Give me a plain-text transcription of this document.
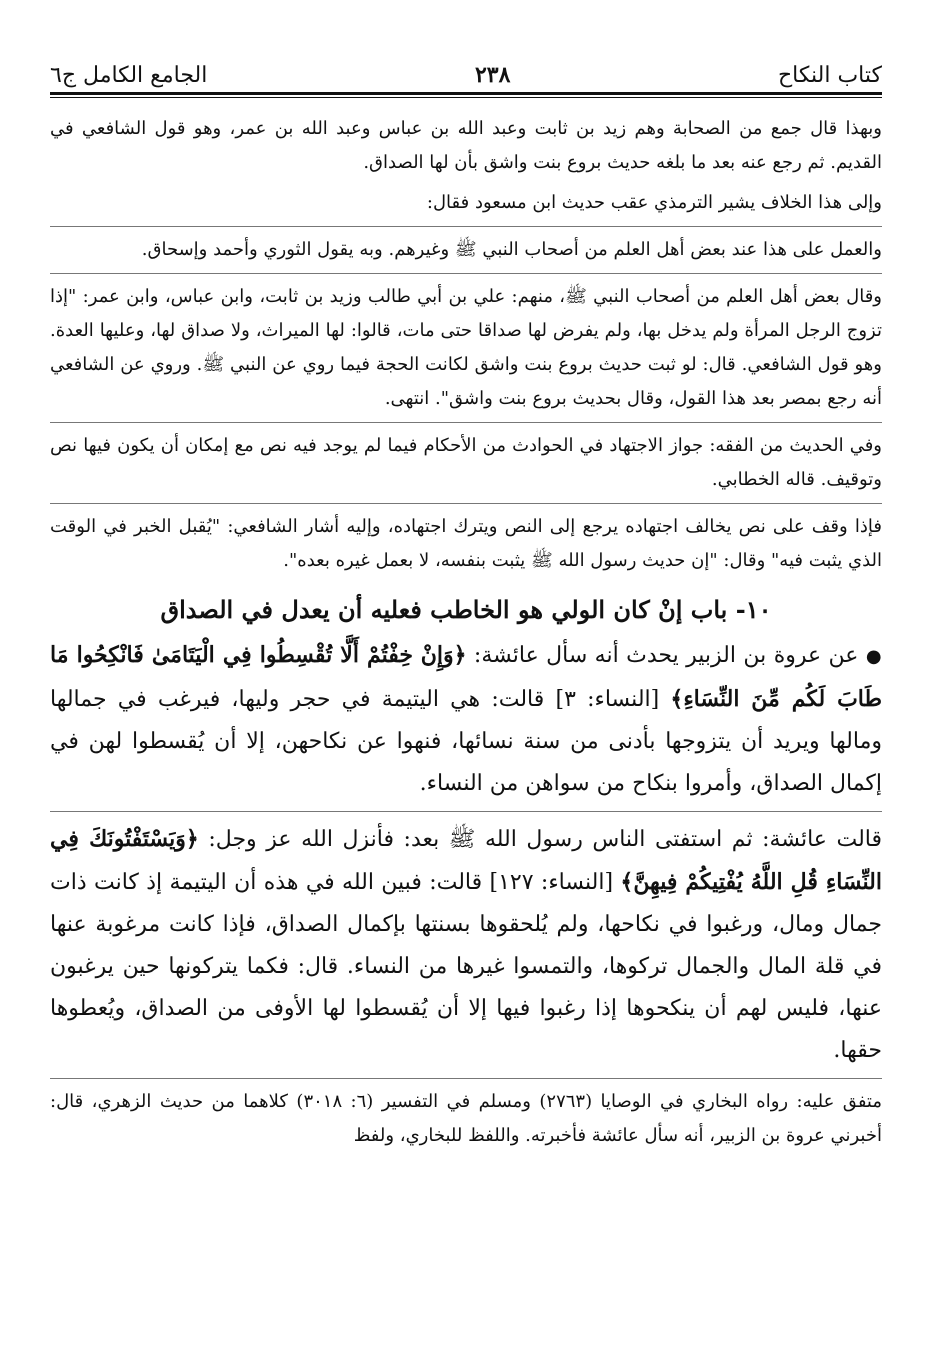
كتاب النكاح
٢٣٨
الجامع الكامل ج٦

وبهذا قال جمع من الصحابة وهم زيد بن ثابت وعبد الله بن عباس وعبد الله بن عمر، وهو قول الشافعي في القديم. ثم رجع عنه بعد ما بلغه حديث بروع بنت واشق بأن لها الصداق.

وإلى هذا الخلاف يشير الترمذي عقب حديث ابن مسعود فقال:

والعمل على هذا عند بعض أهل العلم من أصحاب النبي ﷺ وغيرهم. وبه يقول الثوري وأحمد وإسحاق.

وقال بعض أهل العلم من أصحاب النبي ﷺ، منهم: علي بن أبي طالب وزيد بن ثابت، وابن عباس، وابن عمر: "إذا تزوج الرجل المرأة ولم يدخل بها، ولم يفرض لها صداقا حتى مات، قالوا: لها الميراث، ولا صداق لها، وعليها العدة. وهو قول الشافعي. قال: لو ثبت حديث بروع بنت واشق لكانت الحجة فيما روي عن النبي ﷺ. وروي عن الشافعي أنه رجع بمصر بعد هذا القول، وقال بحديث بروع بنت واشق". انتهى.

وفي الحديث من الفقه: جواز الاجتهاد في الحوادث من الأحكام فيما لم يوجد فيه نص مع إمكان أن يكون فيها نص وتوقيف. قاله الخطابي.

فإذا وقف على نص يخالف اجتهاده يرجع إلى النص ويترك اجتهاده، وإليه أشار الشافعي: "يُقبل الخبر في الوقت الذي يثبت فيه" وقال: "إن حديث رسول الله ﷺ يثبت بنفسه، لا بعمل غيره بعده".

١٠- باب إنْ كان الولي هو الخاطب فعليه أن يعدل في الصداق

● عن عروة بن الزبير يحدث أنه سأل عائشة: ﴿وَإِنْ خِفْتُمْ أَلَّا تُقْسِطُوا فِي الْيَتَامَىٰ فَانْكِحُوا مَا طَابَ لَكُم مِّنَ النِّسَاءِ﴾ [النساء: ٣] قالت: هي اليتيمة في حجر وليها، فيرغب في جمالها ومالها ويريد أن يتزوجها بأدنى من سنة نسائها، فنهوا عن نكاحهن، إلا أن يُقسطوا لهن في إكمال الصداق، وأمروا بنكاح من سواهن من النساء.

قالت عائشة: ثم استفتى الناس رسول الله ﷺ بعد: فأنزل الله عز وجل: ﴿وَيَسْتَفْتُونَكَ فِي النِّسَاءِ قُلِ اللَّهُ يُفْتِيكُمْ فِيهِنَّ﴾ [النساء: ١٢٧] قالت: فبين الله في هذه أن اليتيمة إذ كانت ذات جمال ومال، ورغبوا في نكاحها، ولم يُلحقوها بسنتها بإكمال الصداق، فإذا كانت مرغوبة عنها في قلة المال والجمال تركوها، والتمسوا غيرها من النساء. قال: فكما يتركونها حين يرغبون عنها، فليس لهم أن ينكحوها إذا رغبوا فيها إلا أن يُقسطوا لها الأوفى من الصداق، ويُعطوها حقها.

متفق عليه: رواه البخاري في الوصايا (٢٧٦٣) ومسلم في التفسير (٦: ٣٠١٨) كلاهما من حديث الزهري، قال: أخبرني عروة بن الزبير، أنه سأل عائشة فأخبرته. واللفظ للبخاري، ولفظ
